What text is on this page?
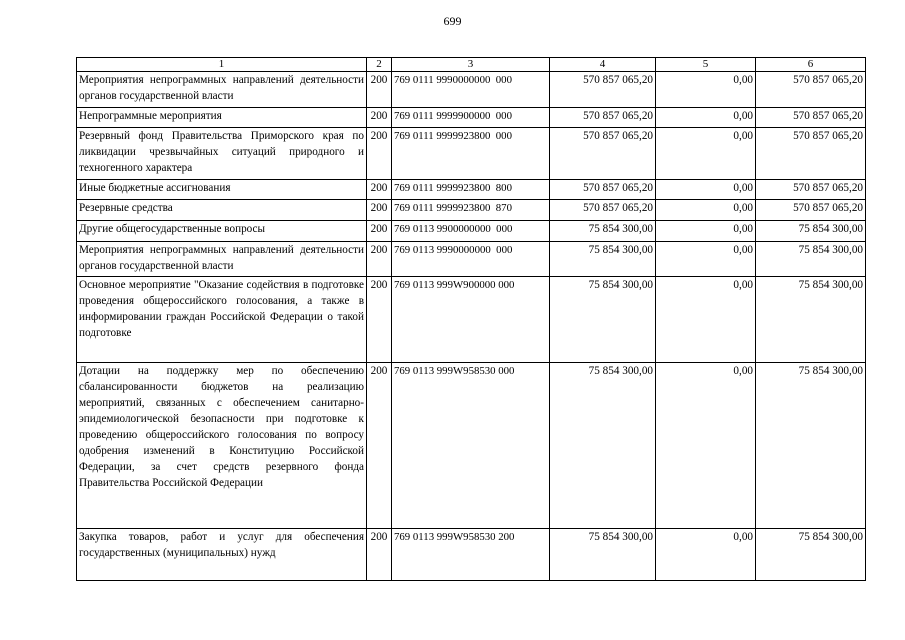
699
1	2	3	4	5	6
Мероприятия непрограммных направлений деятельности органов государственной власти	200	769 0111 9990000000  000	570 857 065,20	0,00	570 857 065,20
Непрограммные мероприятия	200	769 0111 9999900000  000	570 857 065,20	0,00	570 857 065,20
Резервный фонд Правительства Приморского края по ликвидации чрезвычайных ситуаций природного и техногенного характера	200	769 0111 9999923800  000	570 857 065,20	0,00	570 857 065,20
Иные бюджетные ассигнования	200	769 0111 9999923800  800	570 857 065,20	0,00	570 857 065,20
Резервные средства	200	769 0111 9999923800  870	570 857 065,20	0,00	570 857 065,20
Другие общегосударственные вопросы	200	769 0113 9900000000  000	75 854 300,00	0,00	75 854 300,00
Мероприятия непрограммных направлений деятельности органов государственной власти	200	769 0113 9990000000  000	75 854 300,00	0,00	75 854 300,00
Основное мероприятие "Оказание содействия в подготовке проведения общероссийского голосования, а также в информировании граждан Российской Федерации о такой подготовке	200	769 0113 999W900000 000	75 854 300,00	0,00	75 854 300,00
Дотации на поддержку мер по обеспечению сбалансированности бюджетов на реализацию мероприятий, связанных с обеспечением санитарно-эпидемиологической безопасности при подготовке к проведению общероссийского голосования по вопросу одобрения изменений в Конституцию Российской Федерации, за счет средств резервного фонда Правительства Российской Федерации	200	769 0113 999W958530 000	75 854 300,00	0,00	75 854 300,00
Закупка товаров, работ и услуг для обеспечения государственных (муниципальных) нужд	200	769 0113 999W958530 200	75 854 300,00	0,00	75 854 300,00
